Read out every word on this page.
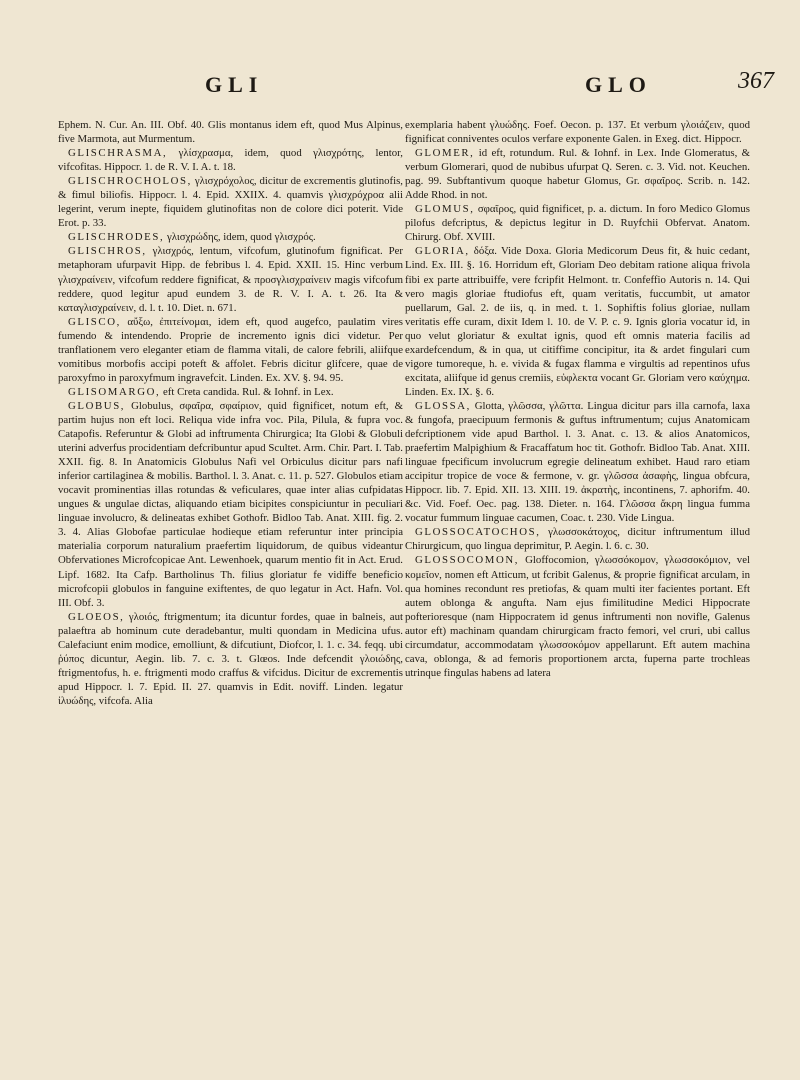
GLI	GLO	367

Ephem. N. Cur. An. III. Obf. 40. Glis montanus idem eft, quod Mus Alpinus, five Marmota, aut Murmentum.

GLISCHRASMA, γλίσχρασμα, idem, quod γλισχρότης, lentor, vifcofitas. Hippocr. 1. de R. V. I. A. t. 18.

GLISCHROCHOLOS, γλισχρόχολος, dicitur de excrementis glutinofis, & fimul biliofis. Hippocr. l. 4. Epid. XXIIX. 4. quamvis γλισχρόχροα alii legerint, verum inepte, fiquidem glutinofitas non de colore dici poterit. Vide Erot. p. 33.

GLISCHRODES, γλισχρώδης, idem, quod γλισχρός.

GLISCHROS, γλισχρός, lentum, vifcofum, glutinofum fignificat. Per metaphoram ufurpavit Hipp. de febribus l. 4. Epid. XXII. 15. Hinc verbum γλισχραίνειν, vifcofum reddere fignificat, & προσγλισχραίνειν magis vifcofum reddere, quod legitur apud eundem 3. de R. V. I. A. t. 26. Ita & καταγλισχραίνειν, d. l. t. 10. Diet. n. 671.

GLISCO, αὔξω, ἐπιτείνομαι, idem eft, quod augefco, paulatim vires fumendo & intendendo. Proprie de incremento ignis dici videtur. Per tranflationem vero eleganter etiam de flamma vitali, de calore febrili, aliifque vomitibus morbofis accipi poteft & affolet. Febris dicitur glifcere, quae de paroxyfmo in paroxyfmum ingravefcit. Linden. Ex. XV. §. 94. 95.

GLISOMARGO, eft Creta candida. Rul. & Iohnf. in Lex.

GLOBUS, Globulus, σφαῖρα, σφαίριον, quid fignificet, notum eft, & partim hujus non eft loci. Reliqua vide infra voc. Pila, Pilula, & fupra voc. Catapofis. Referuntur & Globi ad inftrumenta Chirurgica; Ita Globi & Globuli uterini adverfus procidentiam defcribuntur apud Scultet. Arm. Chir. Part. I. Tab. XXII. fig. 8. In Anatomicis Globulus Nafi vel Orbiculus dicitur pars nafi inferior cartilaginea & mobilis. Barthol. l. 3. Anat. c. 11. p. 527. Globulos etiam vocavit prominentias illas rotundas & veficulares, quae inter alias cufpidatas ungues & ungulae dictas, aliquando etiam bicipites conspiciuntur in peculiari linguae involucro, & delineatas exhibet Gothofr. Bidloo Tab. Anat. XIII. fig. 2. 3. 4. Alias Globofae particulae hodieque etiam referuntur inter principia materialia corporum naturalium praefertim liquidorum, de quibus videantur Obfervationes Microfcopicae Ant. Lewenhoek, quarum mentio fit in Act. Erud. Lipf. 1682. Ita Cafp. Bartholinus Th. filius gloriatur fe vidiffe beneficio microfcopii globulos in fanguine exiftentes, de quo legatur in Act. Hafn. Vol. III. Obf. 3.

GLOEOS, γλοιός, ftrigmentum; ita dicuntur fordes, quae in balneis, aut palaeftra ab hominum cute deradebantur, multi quondam in Medicina ufus. Calefaciunt enim modice, emolliunt, & difcutiunt, Diofcor, l. 1. c. 34. feqq. ubi ῥύπος dicuntur, Aegin. lib. 7. c. 3. t. Glœos. Inde defcendit γλοιώδης, ftrigmentofus, h. e. ftrigmenti modo craffus & vifcidus. Dicitur de excrementis apud Hippocr. l. 7. Epid. II. 27. quamvis in Edit. noviff. Linden. legatur ἰλυώδης, vifcofa. Alia

exemplaria habent γλυώδης. Foef. Oecon. p. 137. Et verbum γλοιάζειν, quod fignificat conniventes oculos verfare exponente Galen. in Exeg. dict. Hippocr.

GLOMER, id eft, rotundum. Rul. & Iohnf. in Lex. Inde Glomeratus, & verbum Glomerari, quod de nubibus ufurpat Q. Seren. c. 3. Vid. not. Keuchen. pag. 99. Subftantivum quoque habetur Glomus, Gr. σφαῖρος. Scrib. n. 142. Adde Rhod. in not.

GLOMUS, σφαῖρος, quid fignificet, p. a. dictum. In foro Medico Glomus pilofus defcriptus, & depictus legitur in D. Ruyfchii Obfervat. Anatom. Chirurg. Obf. XVIII.

GLORIA, δόξα. Vide Doxa. Gloria Medicorum Deus fit, & huic cedant, Lind. Ex. III. §. 16. Horridum eft, Gloriam Deo debitam ratione aliqua frivola fibi ex parte attribuiffe, vere fcripfit Helmont. tr. Confeffio Autoris n. 14. Qui vero magis gloriae ftudiofus eft, quam veritatis, fuccumbit, ut amator puellarum, Gal. 2. de iis, q. in med. t. 1. Sophiftis folius gloriae, nullam veritatis effe curam, dixit Idem l. 10. de V. P. c. 9. Ignis gloria vocatur id, in quo velut gloriatur & exultat ignis, quod eft omnis materia facilis ad exardefcendum, & in qua, ut citiffime concipitur, ita & ardet fingulari cum vigore tumoreque, h. e. vivida & fugax flamma e virgultis ad repentinos ufus excitata, aliifque id genus cremiis, εὐφλεκτα vocant Gr. Gloriam vero καύχημα. Linden. Ex. IX. §. 6.

GLOSSA, Glotta, γλῶσσα, γλῶττα. Lingua dicitur pars illa carnofa, laxa & fungofa, praecipuum fermonis & guftus inftrumentum; cujus Anatomicam defcriptionem vide apud Barthol. l. 3. Anat. c. 13. & alios Anatomicos, praefertim Malpighium & Fracaffatum hoc tit. Gothofr. Bidloo Tab. Anat. XIII. linguae fpecificum involucrum egregie delineatum exhibet. Haud raro etiam accipitur tropice de voce & fermone, v. gr. γλῶσσα ἀσαφὴς, lingua obfcura, Hippocr. lib. 7. Epid. XII. 13. XIII. 19. ἀκρατὴς, incontinens, 7. aphorifm. 40. &c. Vid. Foef. Oec. pag. 138. Dieter. n. 164. Γλῶσσα ἄκρη lingua fumma vocatur fummum linguae cacumen, Coac. t. 230. Vide Lingua.

GLOSSOCATOCHOS, γλωσσοκάτοχος, dicitur inftrumentum illud Chirurgicum, quo lingua deprimitur, P. Aegin. l. 6. c. 30.

GLOSSOCOMON, Gloffocomion, γλωσσόκομον, γλωσσοκόμιον, vel κομεῖον, nomen eft Atticum, ut fcribit Galenus, & proprie fignificat arculam, in qua homines recondunt res pretiofas, & quam multi iter facientes portant. Eft autem oblonga & angufta. Nam ejus fimilitudine Medici Hippocrate pofterioresque (nam Hippocratem id genus inftrumenti non novifle, Galenus autor eft) machinam quandam chirurgicam fracto femori, vel cruri, ubi callus circumdatur, accommodatam γλωσσοκόμον appellarunt. Eft autem machina cava, oblonga, & ad femoris proportionem arcta, fuperna parte trochleas utrinque fingulas habens ad latera
